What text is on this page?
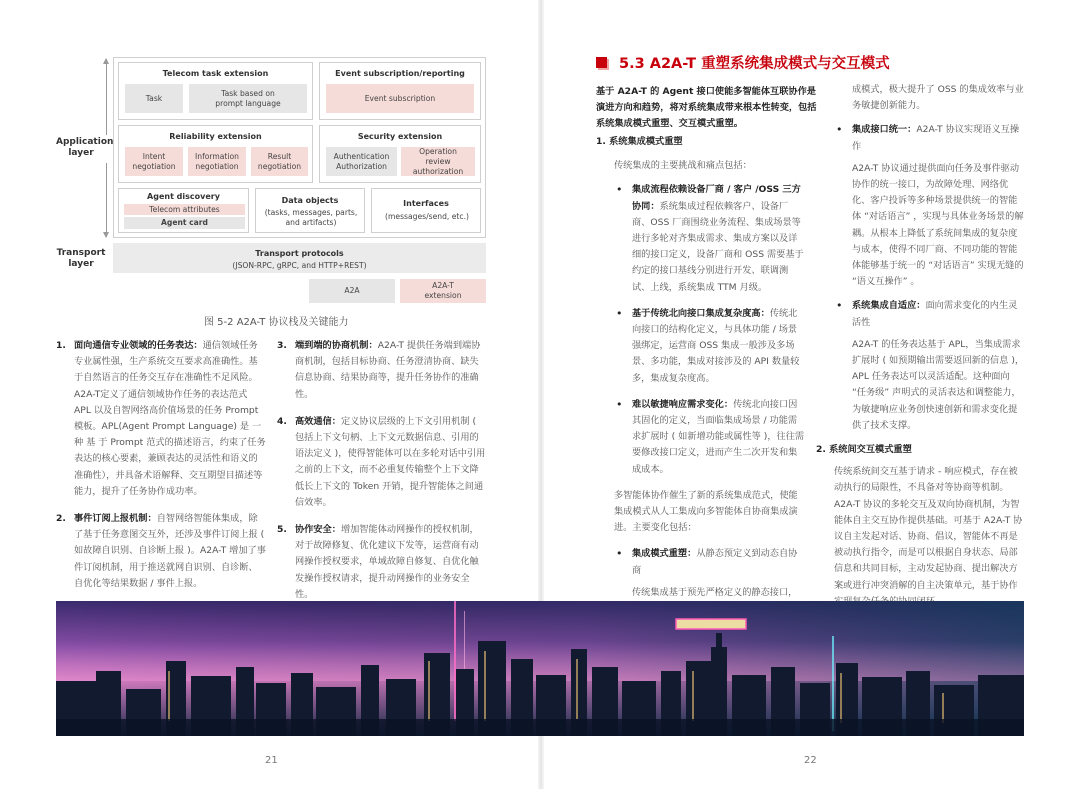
Application layer
Transport layer
Telecom task extension
Task
Task based on prompt language
Event subscription/reporting
Event subscription
Reliability extension
Intent negotiation
Information negotiation
Result negotiation
Security extension
Authentication Authorization
Operation review authorization
Agent discovery
Telecom attributes
Agent card
Data objects
(tasks, messages, parts, and artifacts)
Interfaces
(messages/send, etc.)
Transport protocols
(JSON-RPC, gRPC, and HTTP+REST)
A2A
A2A-T extension
图 5-2 A2A-T 协议栈及关键能力
1. 面向通信专业领域的任务表达：通信领域任务专业属性强，生产系统交互要求高准确性。基于自然语言的任务交互存在准确性不足风险。A2A-T定义了通信领域协作任务的表达范式 APL 以及自智网络高价值场景的任务 Prompt 模板。APL(Agent Prompt Language) 是 一 种 基 于 Prompt 范式的描述语言，约束了任务表达的核心要素，兼顾表达的灵活性和语义的准确性），并具备术语解释、交互期望目描述等能力，提升了任务协作成功率。
2. 事件订阅上报机制：自智网络智能体集成，除了基于任务意图交互外，还涉及事件订阅上报 ( 如故障自识别、自诊断上报 )。A2A-T 增加了事件订阅机制，用于推送就网自识别、自诊断、自优化等结果数据 / 事件上报。
3. 端到端的协商机制：A2A-T 提供任务端到端协商机制，包括目标协商、任务澄清协商、缺失信息协商、结果协商等，提升任务协作的准确性。
4. 高效通信：定义协议层级的上下文引用机制 ( 包括上下文句柄、上下文元数据信息、引用的语法定义 )，使得智能体可以在多轮对话中引用之前的上下文，而不必重复传输整个上下文降低长上下文的 Token 开销，提升智能体之间通信效率。
5. 协作安全：增加智能体动网操作的授权机制，对于故障修复、优化建议下发等，运营商有动网操作授权要求，单域故障自修复、自优化触发操作授权请求，提升动网操作的业务安全性。
5.3 A2A-T 重塑系统集成模式与交互模式
基于 A2A-T 的 Agent 接口使能多智能体互联协作是演进方向和趋势，将对系统集成带来根本性转变，包括系统集成模式重塑、交互模式重塑。
1. 系统集成模式重塑
传统集成的主要挑战和痛点包括：
• 集成流程依赖设备厂商 / 客户 /OSS 三方协同：系统集成过程依赖客户、设备厂商、OSS 厂商围绕业务流程、集成场景等进行多轮对齐集成需求、集成方案以及详细的接口定义，设备厂商和 OSS 需要基于约定的接口基线分别进行开发、联调测试、上线，系统集成 TTM 月级。
• 基于传统北向接口集成复杂度高：传统北向接口的结构化定义，与具体功能 / 场景强绑定，运营商 OSS 集成一般涉及多场景、多功能，集成对接涉及的 API 数量较多，集成复杂度高。
• 难以敏捷响应需求变化：传统北向接口因其固化的定义，当面临集成场景 / 功能需求扩展时 ( 如新增功能或属性等 )，往往需要修改接口定义，进而产生二次开发和集成成本。
多智能体协作催生了新的系统集成范式，使能集成模式从人工集成向多智能体自协商集成演进。主要变化包括：
• 集成模式重塑：从静态预定义到动态自协商
传统集成基于预先严格定义的静态接口，
成模式，极大提升了 OSS 的集成效率与业务敏捷创新能力。
• 集成接口统一：A2A-T 协议实现语义互操作
A2A-T 协议通过提供面向任务及事件驱动协作的统一接口，为故障处理、网络优化、客户投诉等多种场景提供统一的智能体 “对话语言” ，实现与具体业务场景的解耦。从根本上降低了系统间集成的复杂度与成本，使得不同厂商、不同功能的智能体能够基于统一的 “对话语言” 实现无缝的 “语义互操作” 。
• 系统集成自适应：面向需求变化的内生灵活性
A2A-T 的任务表达基于 APL，当集成需求扩展时 ( 如预期输出需要返回新的信息 )，APL 任务表达可以灵活适配。这种面向 “任务级” 声明式的灵活表达和调整能力，为敏捷响应业务创快速创新和需求变化提供了技术支撑。
2. 系统间交互模式重塑
传统系统间交互基于请求 - 响应模式，存在被动执行的局限性，不具备对等协商等机制。A2A-T 协议的多轮交互及双向协商机制，为智能体自主交互协作提供基础。可基于 A2A-T 协议自主发起对话、协商、倡议，智能体不再是被动执行指令，而是可以根据自身状态、局部信息和共同目标，主动发起协商、提出解决方案或进行冲突消解的自主决策单元，基于协作
21	22
